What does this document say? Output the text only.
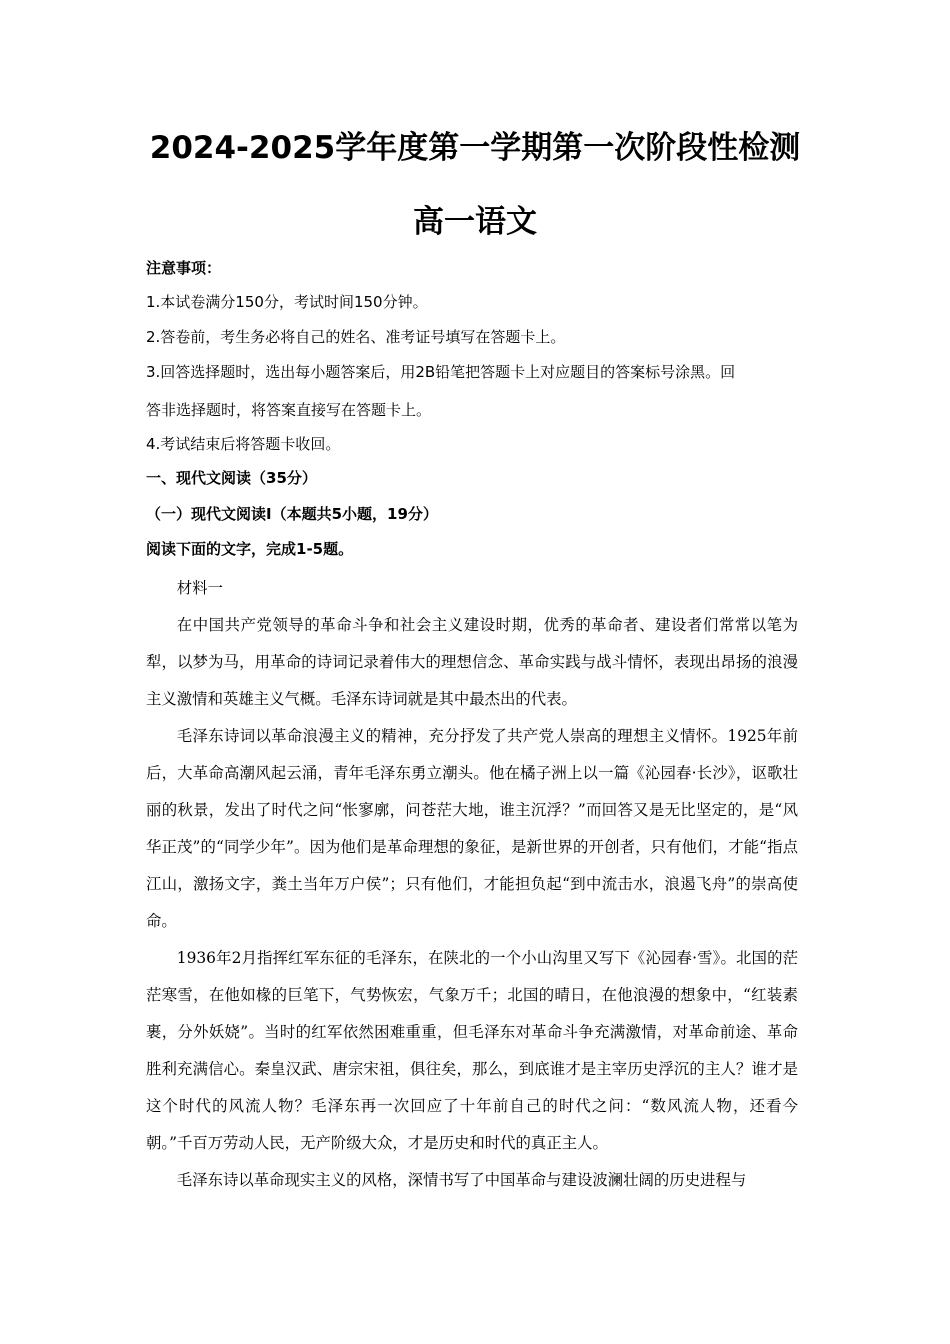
2024-2025学年度第一学期第一次阶段性检测
高一语文
注意事项：
1.本试卷满分150分，考试时间150分钟。
2.答卷前，考生务必将自己的姓名、准考证号填写在答题卡上。
3.回答选择题时，选出每小题答案后，用2B铅笔把答题卡上对应题目的答案标号涂黑。回
答非选择题时，将答案直接写在答题卡上。
4.考试结束后将答题卡收回。
一、现代文阅读（35分）
（一）现代文阅读I（本题共5小题，19分）
阅读下面的文字，完成1-5题。

材料一

在中国共产党领导的革命斗争和社会主义建设时期，优秀的革命者、建设者们常常以笔为犁，以梦为马，用革命的诗词记录着伟大的理想信念、革命实践与战斗情怀，表现出昂扬的浪漫主义激情和英雄主义气概。毛泽东诗词就是其中最杰出的代表。

毛泽东诗词以革命浪漫主义的精神，充分抒发了共产党人崇高的理想主义情怀。1925年前后，大革命高潮风起云涌，青年毛泽东勇立潮头。他在橘子洲上以一篇《沁园春·长沙》，讴歌壮丽的秋景，发出了时代之问“怅寥廓，问苍茫大地，谁主沉浮？”而回答又是无比坚定的，是“风华正茂”的“同学少年”。因为他们是革命理想的象征，是新世界的开创者，只有他们，才能“指点江山，激扬文字，粪土当年万户侯”；只有他们，才能担负起“到中流击水，浪遏飞舟”的崇高使命。

1936年2月指挥红军东征的毛泽东，在陕北的一个小山沟里又写下《沁园春·雪》。北国的茫茫寒雪，在他如椽的巨笔下，气势恢宏，气象万千；北国的晴日，在他浪漫的想象中，“红装素裹，分外妖娆”。当时的红军依然困难重重，但毛泽东对革命斗争充满激情，对革命前途、革命胜利充满信心。秦皇汉武、唐宗宋祖，俱往矣，那么，到底谁才是主宰历史浮沉的主人？谁才是这个时代的风流人物？毛泽东再一次回应了十年前自己的时代之问：“数风流人物，还看今朝。”千百万劳动人民，无产阶级大众，才是历史和时代的真正主人。

毛泽东诗以革命现实主义的风格，深情书写了中国革命与建设波澜壮阔的历史进程与
